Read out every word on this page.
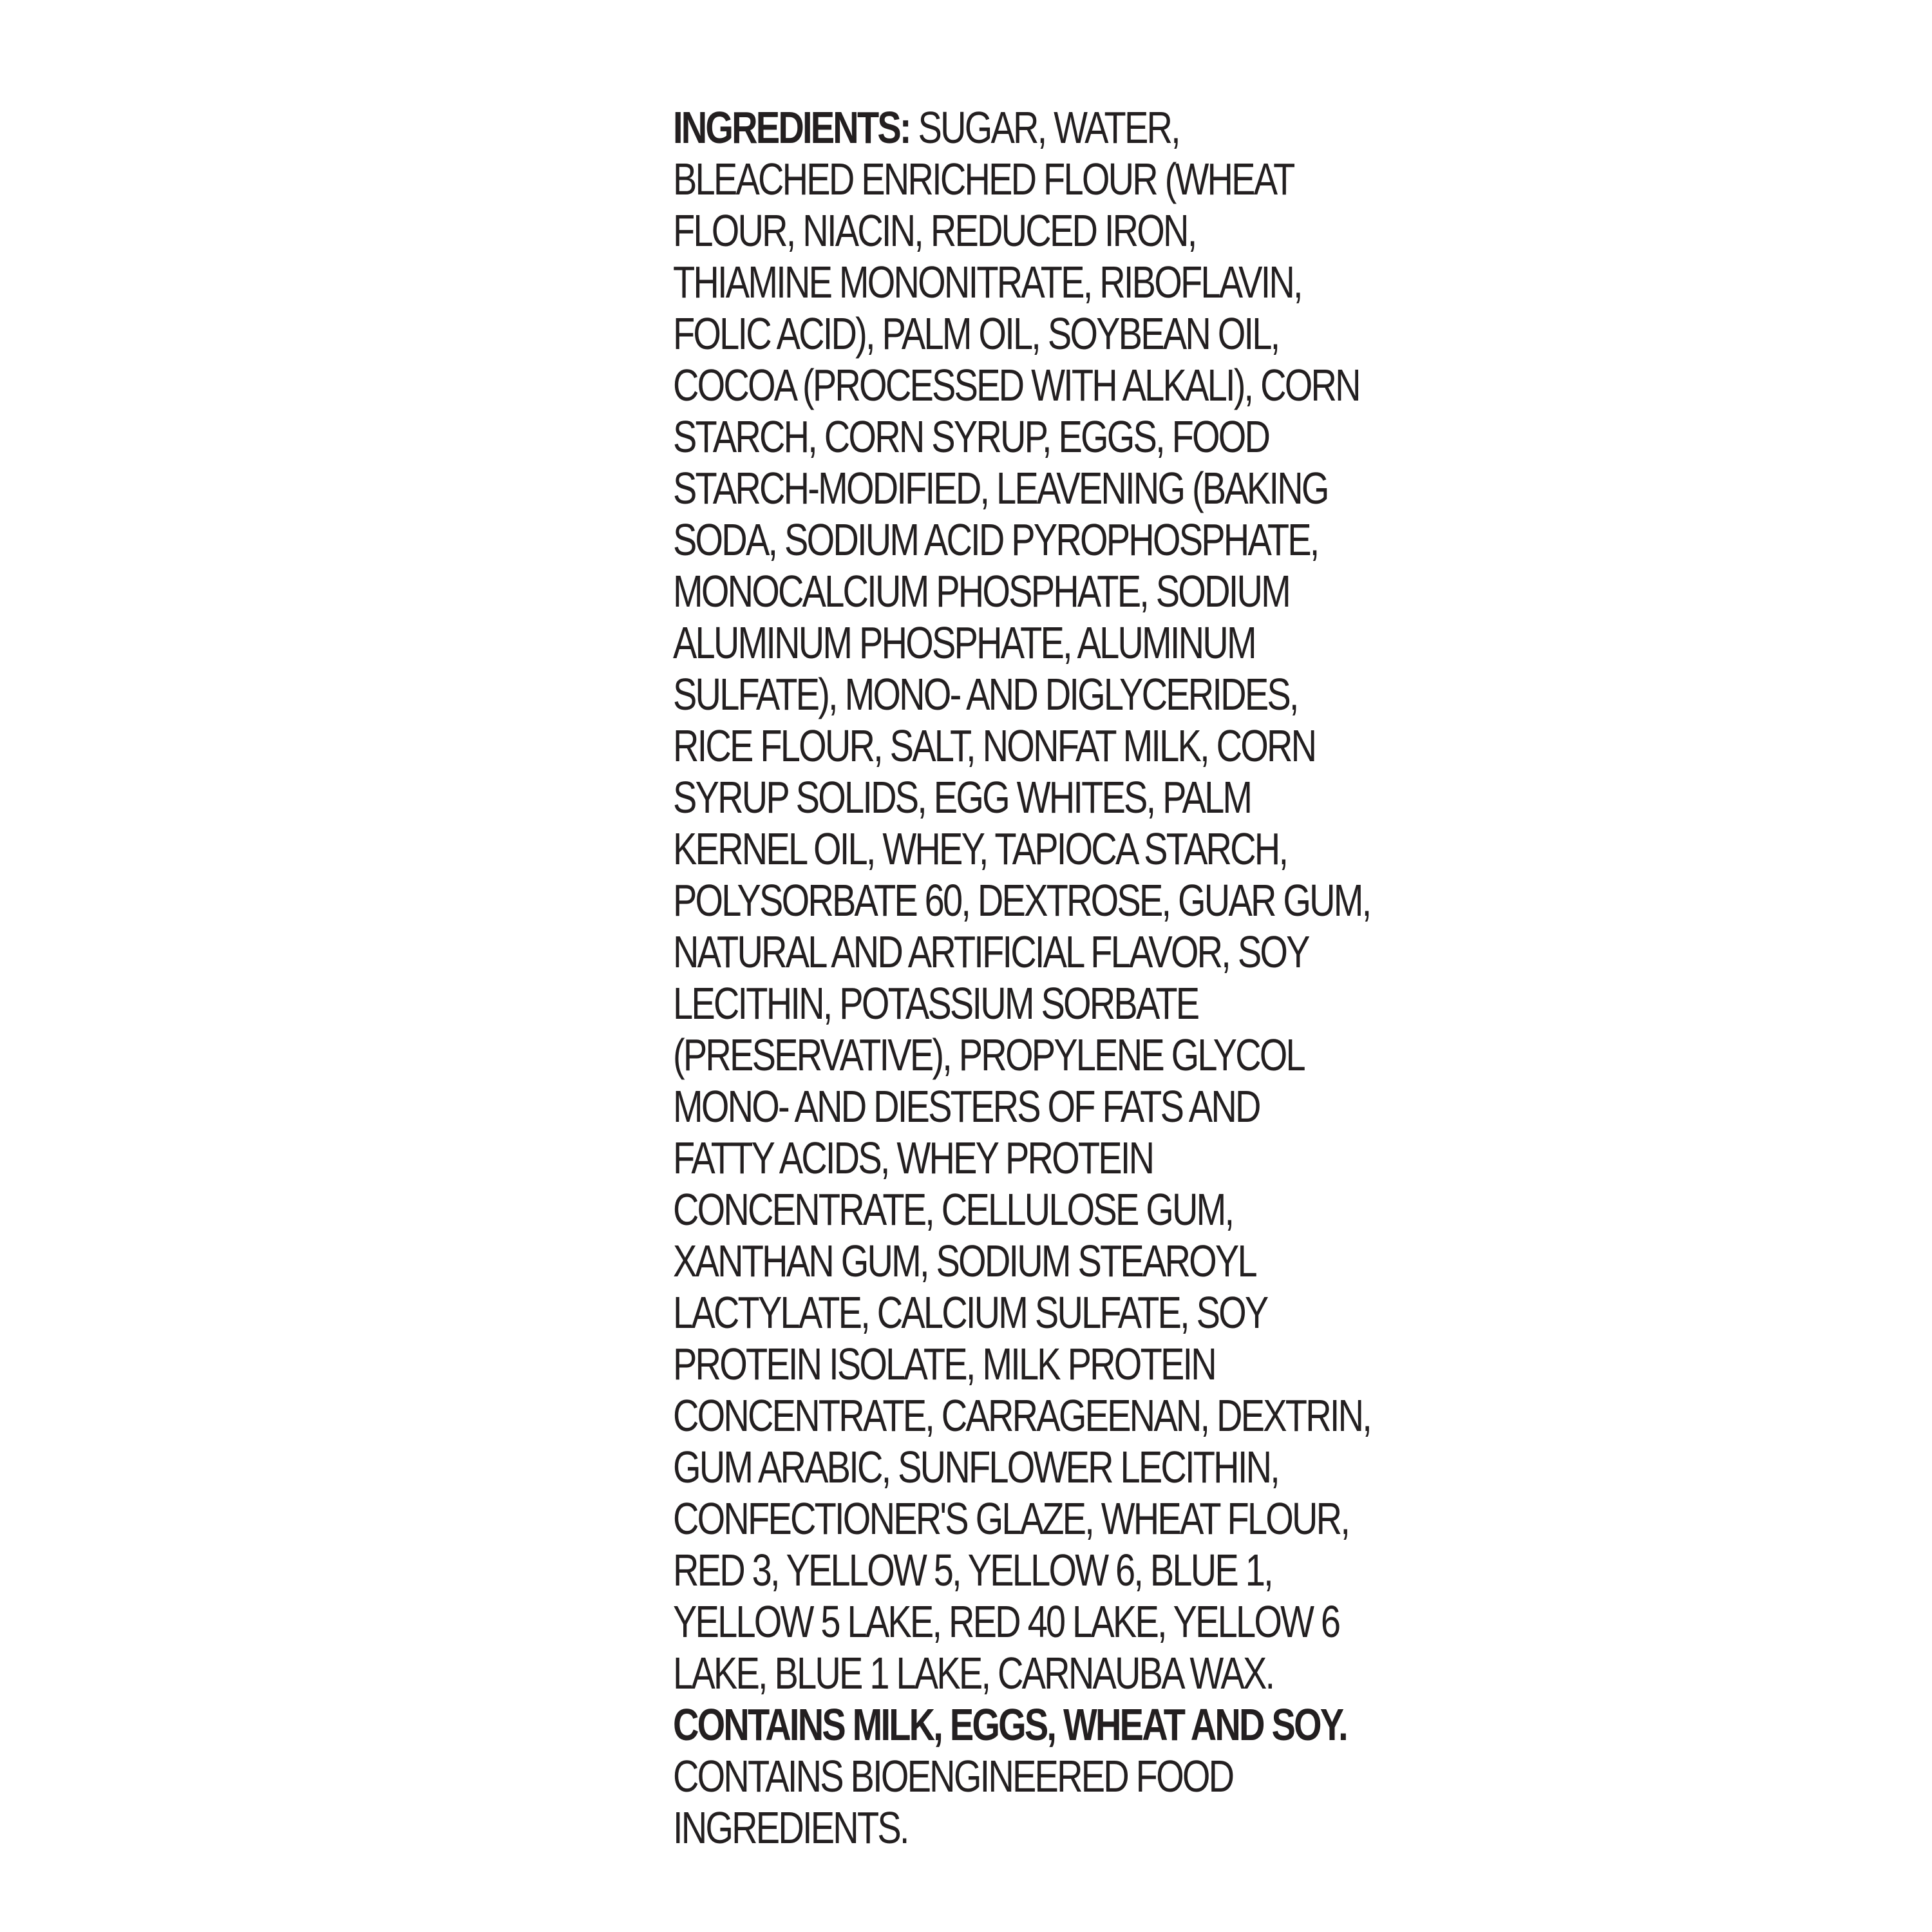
INGREDIENTS: SUGAR, WATER,
BLEACHED ENRICHED FLOUR (WHEAT
FLOUR, NIACIN, REDUCED IRON,
THIAMINE MONONITRATE, RIBOFLAVIN,
FOLIC ACID), PALM OIL, SOYBEAN OIL,
COCOA (PROCESSED WITH ALKALI), CORN
STARCH, CORN SYRUP, EGGS, FOOD
STARCH-MODIFIED, LEAVENING (BAKING
SODA, SODIUM ACID PYROPHOSPHATE,
MONOCALCIUM PHOSPHATE, SODIUM
ALUMINUM PHOSPHATE, ALUMINUM
SULFATE), MONO- AND DIGLYCERIDES,
RICE FLOUR, SALT, NONFAT MILK, CORN
SYRUP SOLIDS, EGG WHITES, PALM
KERNEL OIL, WHEY, TAPIOCA STARCH,
POLYSORBATE 60, DEXTROSE, GUAR GUM,
NATURAL AND ARTIFICIAL FLAVOR, SOY
LECITHIN, POTASSIUM SORBATE
(PRESERVATIVE), PROPYLENE GLYCOL
MONO- AND DIESTERS OF FATS AND
FATTY ACIDS, WHEY PROTEIN
CONCENTRATE, CELLULOSE GUM,
XANTHAN GUM, SODIUM STEAROYL
LACTYLATE, CALCIUM SULFATE, SOY
PROTEIN ISOLATE, MILK PROTEIN
CONCENTRATE, CARRAGEENAN, DEXTRIN,
GUM ARABIC, SUNFLOWER LECITHIN,
CONFECTIONER'S GLAZE, WHEAT FLOUR,
RED 3, YELLOW 5, YELLOW 6, BLUE 1,
YELLOW 5 LAKE, RED 40 LAKE, YELLOW 6
LAKE, BLUE 1 LAKE, CARNAUBA WAX.
CONTAINS MILK, EGGS, WHEAT AND SOY.
CONTAINS BIOENGINEERED FOOD
INGREDIENTS.
